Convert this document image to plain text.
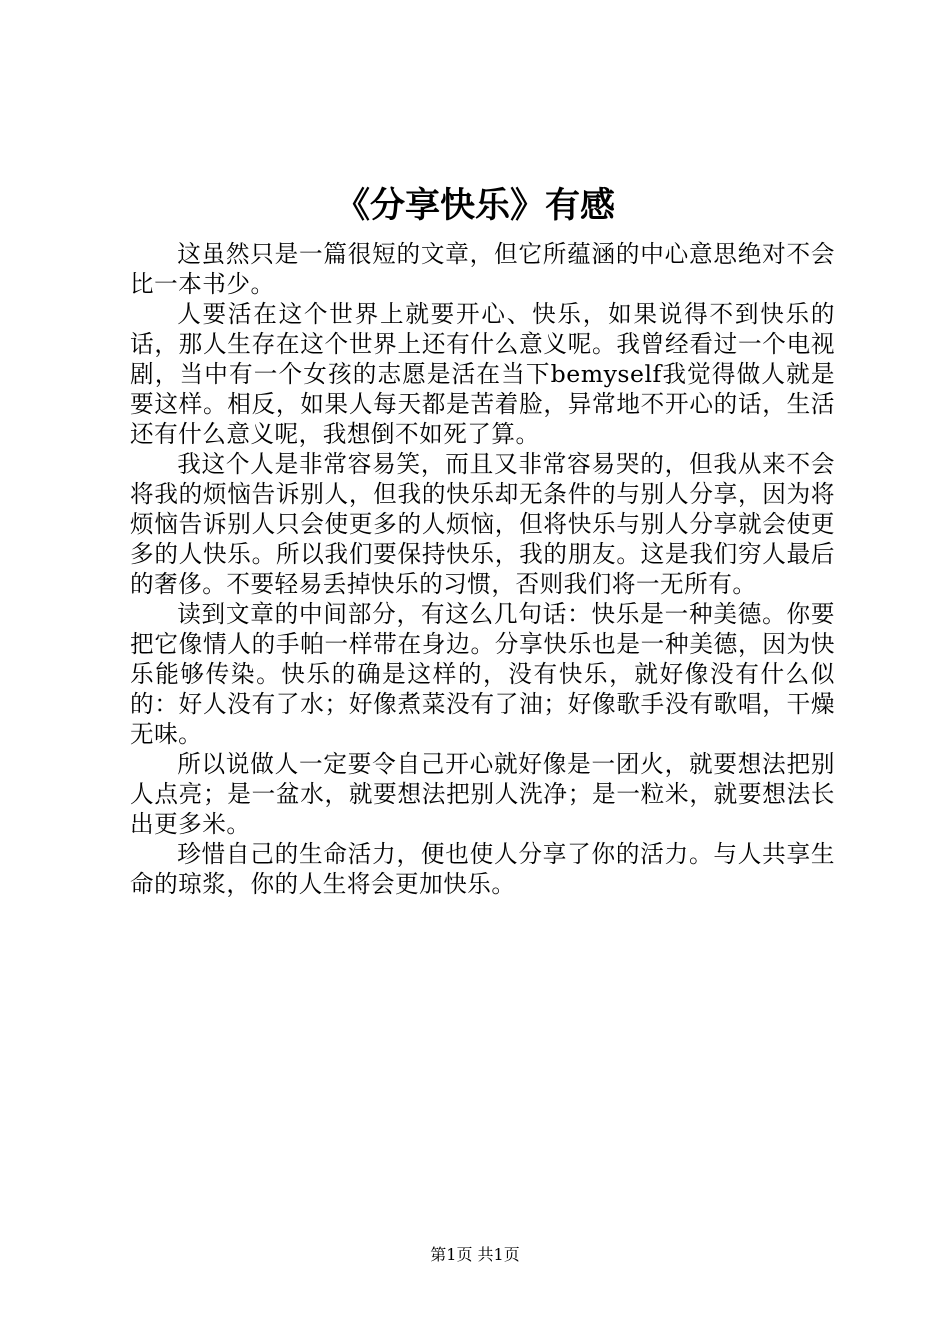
《分享快乐》有感

这虽然只是一篇很短的文章，但它所蕴涵的中心意思绝对不会比一本书少。

人要活在这个世界上就要开心、快乐，如果说得不到快乐的话，那人生存在这个世界上还有什么意义呢。我曾经看过一个电视剧，当中有一个女孩的志愿是活在当下bemyself我觉得做人就是要这样。相反，如果人每天都是苦着脸，异常地不开心的话，生活还有什么意义呢，我想倒不如死了算。

我这个人是非常容易笑，而且又非常容易哭的，但我从来不会将我的烦恼告诉别人，但我的快乐却无条件的与别人分享，因为将烦恼告诉别人只会使更多的人烦恼，但将快乐与别人分享就会使更多的人快乐。所以我们要保持快乐，我的朋友。这是我们穷人最后的奢侈。不要轻易丢掉快乐的习惯，否则我们将一无所有。

读到文章的中间部分，有这么几句话：快乐是一种美德。你要把它像情人的手帕一样带在身边。分享快乐也是一种美德，因为快乐能够传染。快乐的确是这样的，没有快乐，就好像没有什么似的：好人没有了水；好像煮菜没有了油；好像歌手没有歌唱，干燥无味。

所以说做人一定要令自己开心就好像是一团火，就要想法把别人点亮；是一盆水，就要想法把别人洗净；是一粒米，就要想法长出更多米。

珍惜自己的生命活力，便也使人分享了你的活力。与人共享生命的琼浆，你的人生将会更加快乐。

第1页 共1页
